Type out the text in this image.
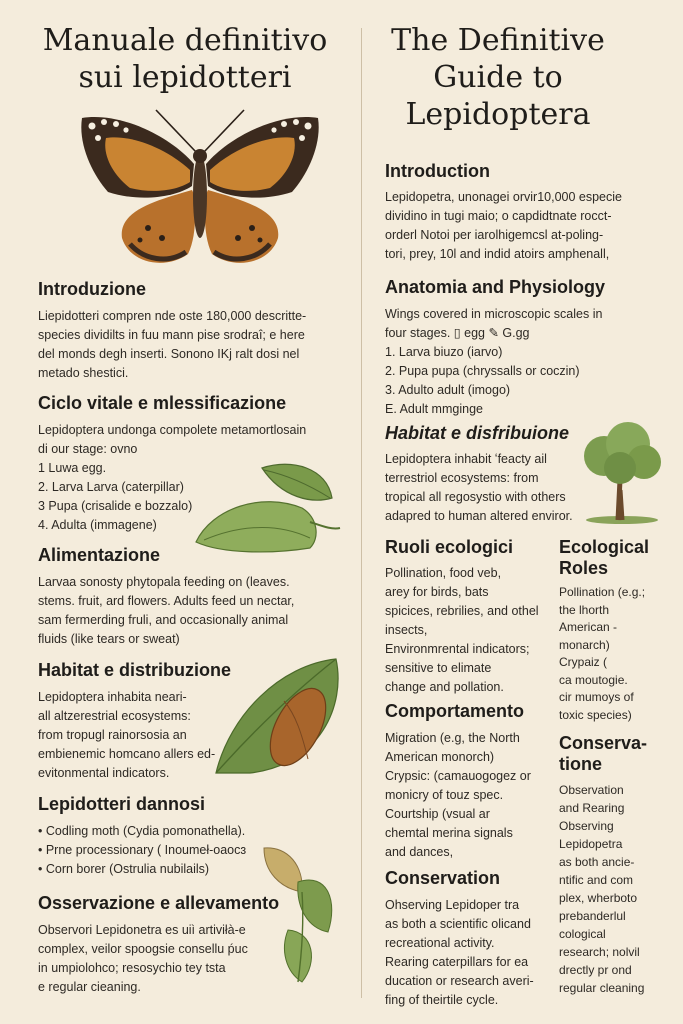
Manuale definitivo
sui lepidotteri
Introduzione
Liepidotteri compren nde oste 180,000 descritte-
species dividilts in fuu mann pise srodraî; e here
del monds degh inserti. Sonono IKj ralt dosi nel
metado shestici.
Ciclo vitale e mlessificazione
Lepidoptera undonga compolete metamortlosain
di our stage: ovno
1 Luwa egg.
2. Larva Larva (caterpillar)
3 Pupa (crisalide e bozzalo)
4. Adulta (immagene)
Alimentazione
Larvaa sonosty phytopala feeding on (leaves.
stems. fruit, ard flowers. Adults feed un nectar,
sam fermerding fruli, and occasionally animal
fluids (like tears or sweat)
Habitat e distribuzione
Lepidoptera inhabita neari-
all altzerestrial ecosystems:
from tropugl rainorsosia an
embienemic homcano allers ed-
evitonmental indicators.
Lepidotteri dannosi
• Codling moth (Cydia pomonathella).
• Prne processionary ( Inoumeł-oaocɜ
• Corn borer (Ostrulia nubilails)
Osservazione e allevamento
Observori Lepidonetra es uiì artiviłà-e
complex, veilor spoogsie consellu ṕuc
in umpiolohco; resosychio tey tsta
e regular cieaning.
The Definitive
Guide to
Lepidoptera
Introduction
Lepidopetra, unonagei orvir10,000 especie
dividino in tugi maio; o capdidtnate rocct-
orderl Notoi per iarolhigemcsl at-poling-
tori, prey, 10l and indid atoirs amphenall,
Anatomia and Physiology
Wings covered in microscopic scales in
four stages. ▯ egg ✎ G.gg
1. Larva biuzo (iarvo)
2. Pupa pupa (chryssalls or coczin)
3. Adulto adult (imogo)
E. Adult mmginge
Habitat e disfribuione
Lepidoptera inhabit ʻfeacty ail
terrestriol ecosystems: from
tropical all regosystio with others
adapred to human altered enviror.
Ruoli ecologici
Pollination, food veb,
arey for birds, bats
spicices, rebrilies, and othel
insects,
Environmrental indicators;
sensitive to elimate
change and pollation.
Comportamento
Migration (e.g, the North
American monorch)
Crypsic: (camauogogez or
monicry of touz spec.
Courtship (vsual ar
chemtal merina signals
and dances,
Conservation
Ohserving Lepidoper tra
as both a scientific olicand
recreational activity.
Rearing caterpillars for ea
ducation or research averi-
fing of theirtile cycle.
Ecological
Roles
Pollination (e.g.;
the lhorth
American -
monarch)
Crypaiz (
ca moutogie.
cir mumoys of
toxic species)
Conserva-
tione
Observation
and Rearing
Observing
Lepidopetra
as both ancie-
ntific and com
plex, wherboto
prebanderlul
cological
research; nolvil
drectly pr ond
regular cleaning
